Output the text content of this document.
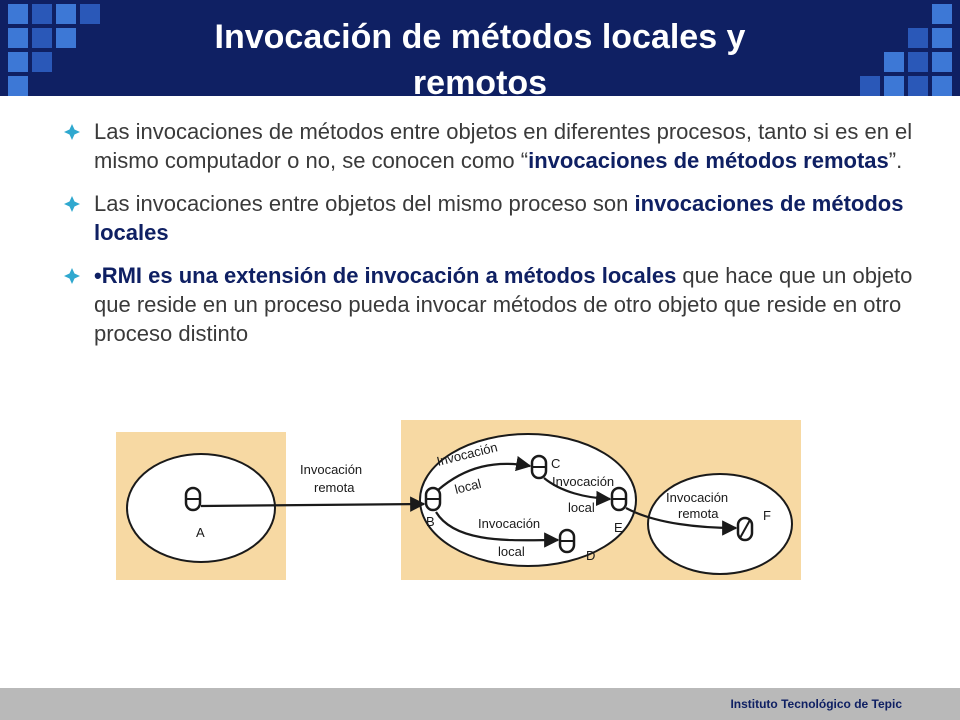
Invocación de métodos locales y remotos
Las invocaciones de métodos entre objetos en diferentes procesos, tanto si es en el mismo computador o no, se conocen como “invocaciones de métodos remotas”.
Las invocaciones entre objetos del mismo proceso son invocaciones de métodos locales
•RMI es una extensión de invocación a métodos locales que hace que un objeto que reside en un proceso pueda invocar métodos de otro objeto que reside en otro proceso distinto
A
B
C
D
E
F
Invocación
remota
Invocación
local
Invocación
local
Invocación
local
Invocación
remota
Instituto Tecnológico de Tepic
